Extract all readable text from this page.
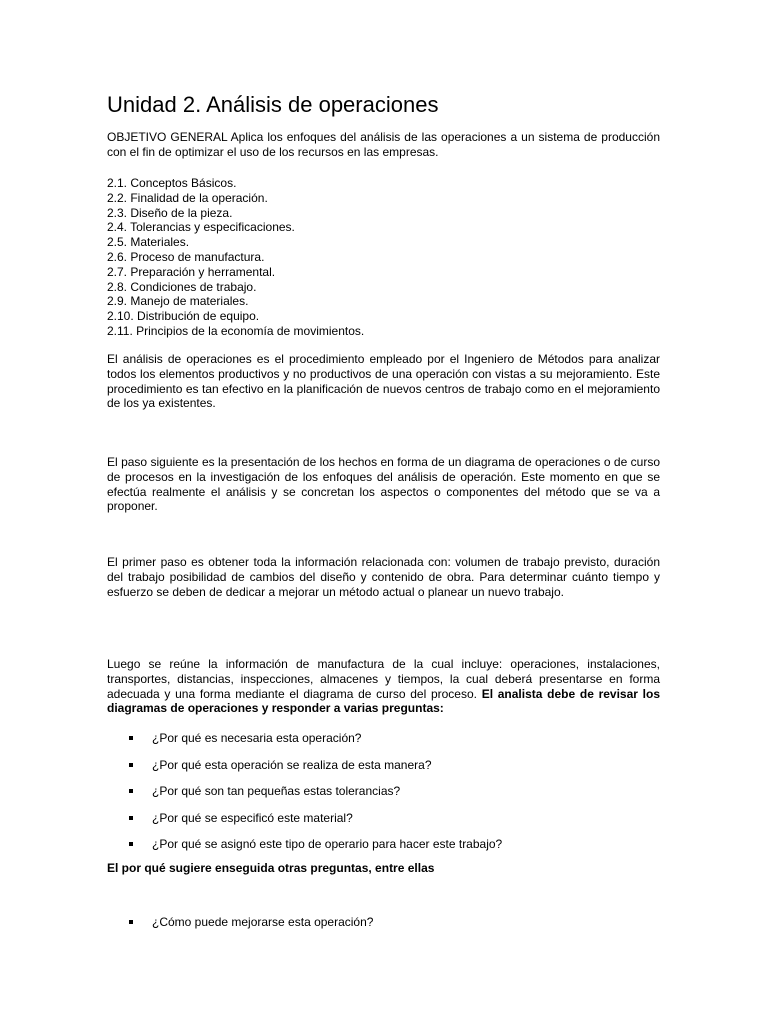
Unidad 2. Análisis de operaciones

OBJETIVO GENERAL Aplica los enfoques del análisis de las operaciones a un sistema de producción con el fin de optimizar el uso de los recursos en las empresas.

2.1. Conceptos Básicos.
2.2. Finalidad de la operación.
2.3. Diseño de la pieza.
2.4. Tolerancias y especificaciones.
2.5. Materiales.
2.6. Proceso de manufactura.
2.7. Preparación y herramental.
2.8. Condiciones de trabajo.
2.9. Manejo de materiales.
2.10. Distribución de equipo.
2.11. Principios de la economía de movimientos.

El análisis de operaciones es el procedimiento empleado por el Ingeniero de Métodos para analizar todos los elementos productivos y no productivos de una operación con vistas a su mejoramiento. Este procedimiento es tan efectivo en la planificación de nuevos centros de trabajo como en el mejoramiento de los ya existentes.

El paso siguiente es la presentación de los hechos en forma de un diagrama de operaciones o de curso de procesos en la investigación de los enfoques del análisis de operación. Este momento en que se efectúa realmente el análisis y se concretan los aspectos o componentes del método que se va a proponer.

El primer paso es obtener toda la información relacionada con: volumen de trabajo previsto, duración del trabajo posibilidad de cambios del diseño y contenido de obra. Para determinar cuánto tiempo y esfuerzo se deben de dedicar a mejorar un método actual o planear un nuevo trabajo.

Luego se reúne la información de manufactura de la cual incluye: operaciones, instalaciones, transportes, distancias, inspecciones, almacenes y tiempos, la cual deberá presentarse en forma adecuada y una forma mediante el diagrama de curso del proceso. El analista debe de revisar los diagramas de operaciones y responder a varias preguntas:

¿Por qué es necesaria esta operación?
¿Por qué esta operación se realiza de esta manera?
¿Por qué son tan pequeñas estas tolerancias?
¿Por qué se especificó este material?
¿Por qué se asignó este tipo de operario para hacer este trabajo?

El por qué sugiere enseguida otras preguntas, entre ellas

¿Cómo puede mejorarse esta operación?
